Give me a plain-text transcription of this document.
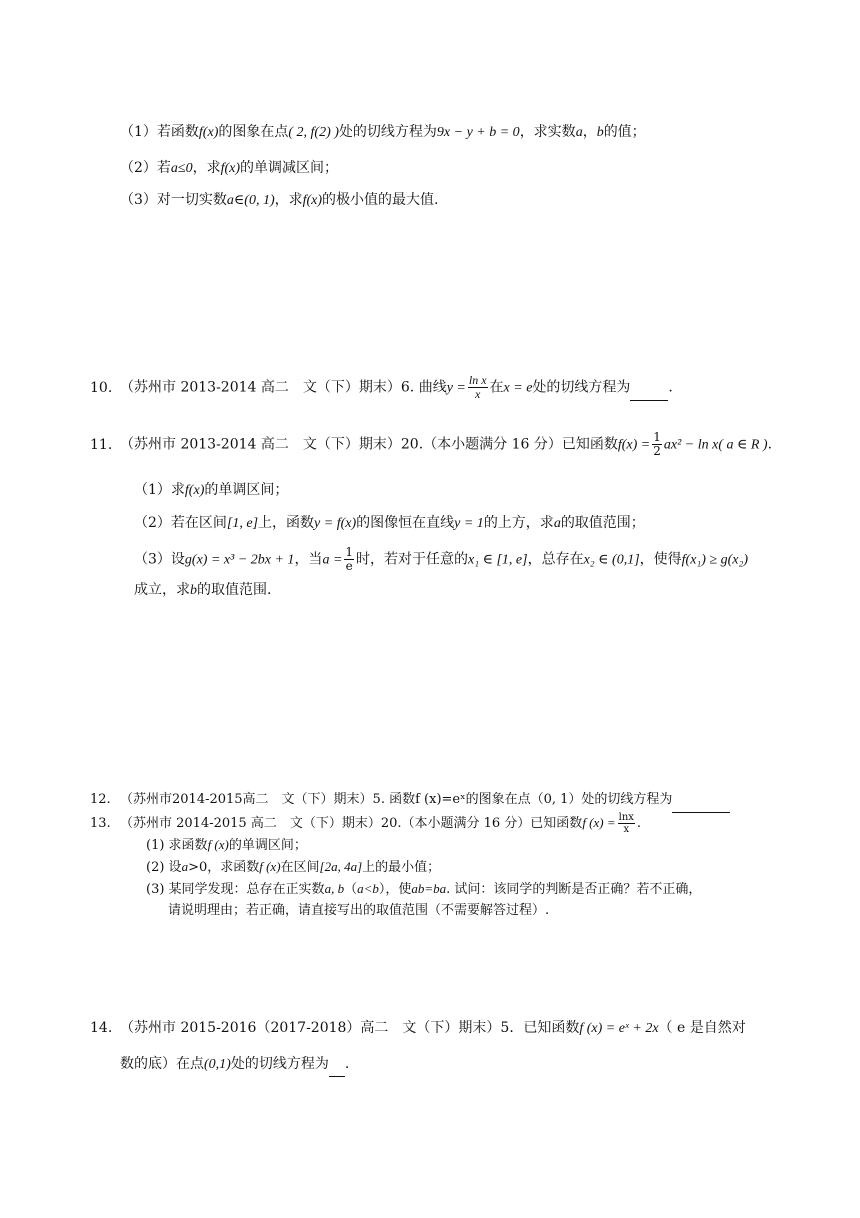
（1）若函数f(x)的图象在点( 2, f(2) )处的切线方程为9x − y + b = 0，求实数a，b的值；
（2）若a≤0，求f(x)的单调减区间；
（3）对一切实数a∈(0, 1)，求f(x)的极小值的最大值.
10. （苏州市 2013-2014 高二　文（下）期末）6. 曲线$y = \frac{\text{ln x}}{x}$ 在x = e处的切线方程为	.
11. （苏州市 2013-2014 高二　文（下）期末）20.（本小题满分 16 分）已知函数$f(x) = \frac{1}{2} ax^2 - \ln x$( a ∈ R ).
（1）求f(x)的单调区间；
（2）若在区间[1, e]上，函数y = f(x)的图像恒在直线y = 1的上方，求a的取值范围；
（3）设g(x) = x³ − 2bx + 1，当$a = \frac{1}{e}$ 时，若对于任意的x₁ ∈ [1, e]，总存在x₂ ∈ (0,1]，使得f(x₁) ≥ g(x₂)
成立，求b的取值范围.
12. （苏州市2014-2015高二　文（下）期末）5. 函数f (x)=eˣ的图象在点（0, 1）处的切线方程为
13. （苏州市 2014-2015 高二　文（下）期末）20.（本小题满分 16 分）已知函数f $(x) = \frac{\ln x}{x}$ .
(1) 求函数f (x)的单调区间；
(2) 设a>0，求函数f (x)在区间[2a, 4a]上的最小值；
(3) 某同学发现：总存在正实数a, b（a<b），使ab=ba. 试问：该同学的判断是否正确？若不正确，
请说明理由；若正确，请直接写出的取值范围（不需要解答过程）.
14. （苏州市 2015-2016（2017-2018）高二　文（下）期末）5．已知函数f (x) = eˣ + 2x（ e 是自然对
数的底）在点(0,1)处的切线方程为 .
